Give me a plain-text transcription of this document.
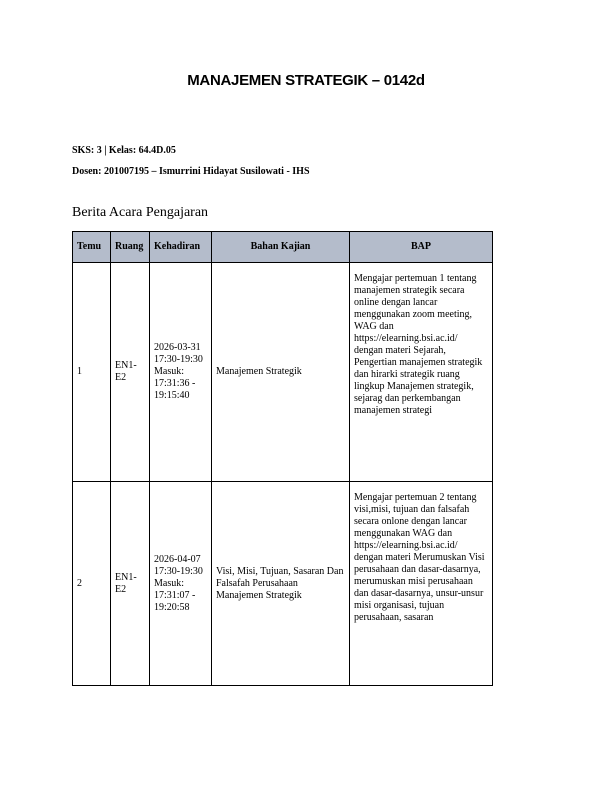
MANAJEMEN STRATEGIK – 0142d
SKS: 3 | Kelas: 64.4D.05
Dosen: 201007195 – Ismurrini Hidayat Susilowati - IHS
Berita Acara Pengajaran
Temu	Ruang	Kehadiran	Bahan Kajian	BAP
1	EN1-E2	2026-03-31 17:30-19:30 Masuk: 17:31:36 - 19:15:40	Manajemen Strategik	Mengajar pertemuan 1 tentang manajemen strategik secara online dengan lancar menggunakan zoom meeting, WAG dan https://elearning.bsi.ac.id/ dengan materi Sejarah, Pengertian manajemen strategik dan hirarki strategik ruang lingkup Manajemen strategik, sejarag dan perkembangan manajemen strategi
2	EN1-E2	2026-04-07 17:30-19:30 Masuk: 17:31:07 - 19:20:58	Visi, Misi, Tujuan, Sasaran Dan Falsafah Perusahaan Manajemen Strategik	Mengajar pertemuan 2 tentang visi,misi, tujuan dan falsafah secara onlone dengan lancar menggunakan WAG dan https://elearning.bsi.ac.id/ dengan materi Merumuskan Visi perusahaan dan dasar-dasarnya, merumuskan misi perusahaan dan dasar-dasarnya, unsur-unsur misi organisasi, tujuan perusahaan, sasaran
